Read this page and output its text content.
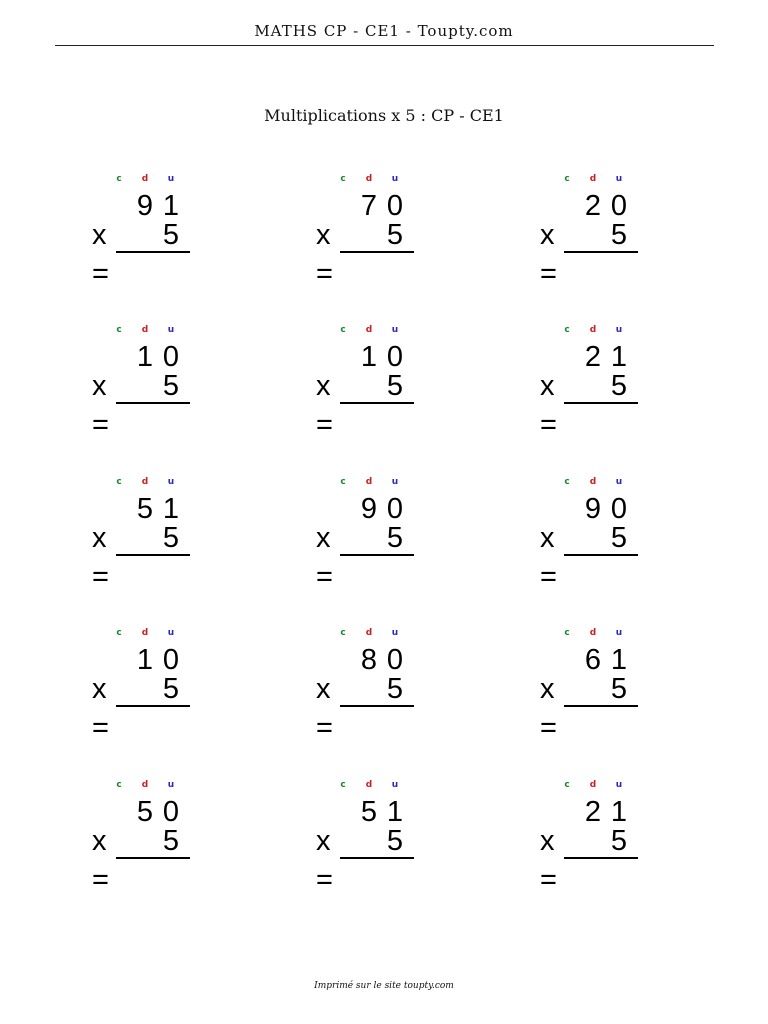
MATHS CP - CE1 - Toupty.com
Multiplications x 5 : CP - CE1
c	d	u
9 1
x 5
=
c	d	u
7 0
x 5
=
c	d	u
2 0
x 5
=
c	d	u
1 0
x 5
=
c	d	u
1 0
x 5
=
c	d	u
2 1
x 5
=
c	d	u
5 1
x 5
=
c	d	u
9 0
x 5
=
c	d	u
9 0
x 5
=
c	d	u
1 0
x 5
=
c	d	u
8 0
x 5
=
c	d	u
6 1
x 5
=
c	d	u
5 0
x 5
=
c	d	u
5 1
x 5
=
c	d	u
2 1
x 5
=
Imprimé sur le site toupty.com
